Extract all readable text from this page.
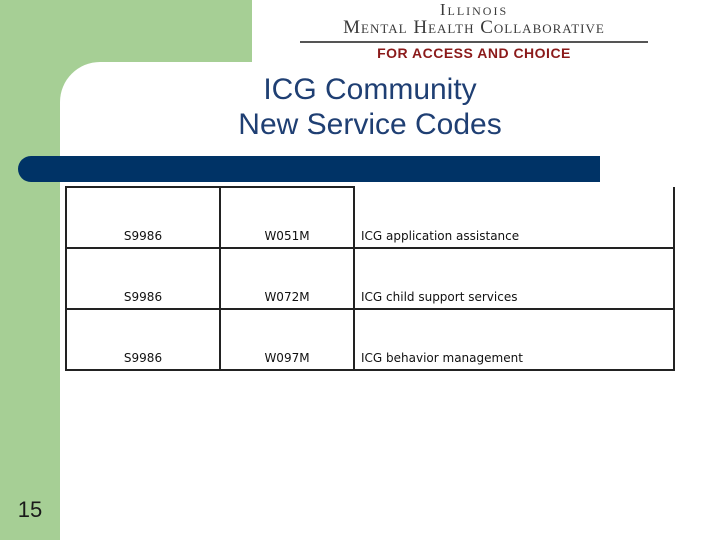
Illinois
Mental Health Collaborative
FOR ACCESS AND CHOICE
ICG Community
New Service Codes
S9986	W051M	ICG application assistance
S9986	W072M	ICG child support services
S9986	W097M	ICG behavior management
15
